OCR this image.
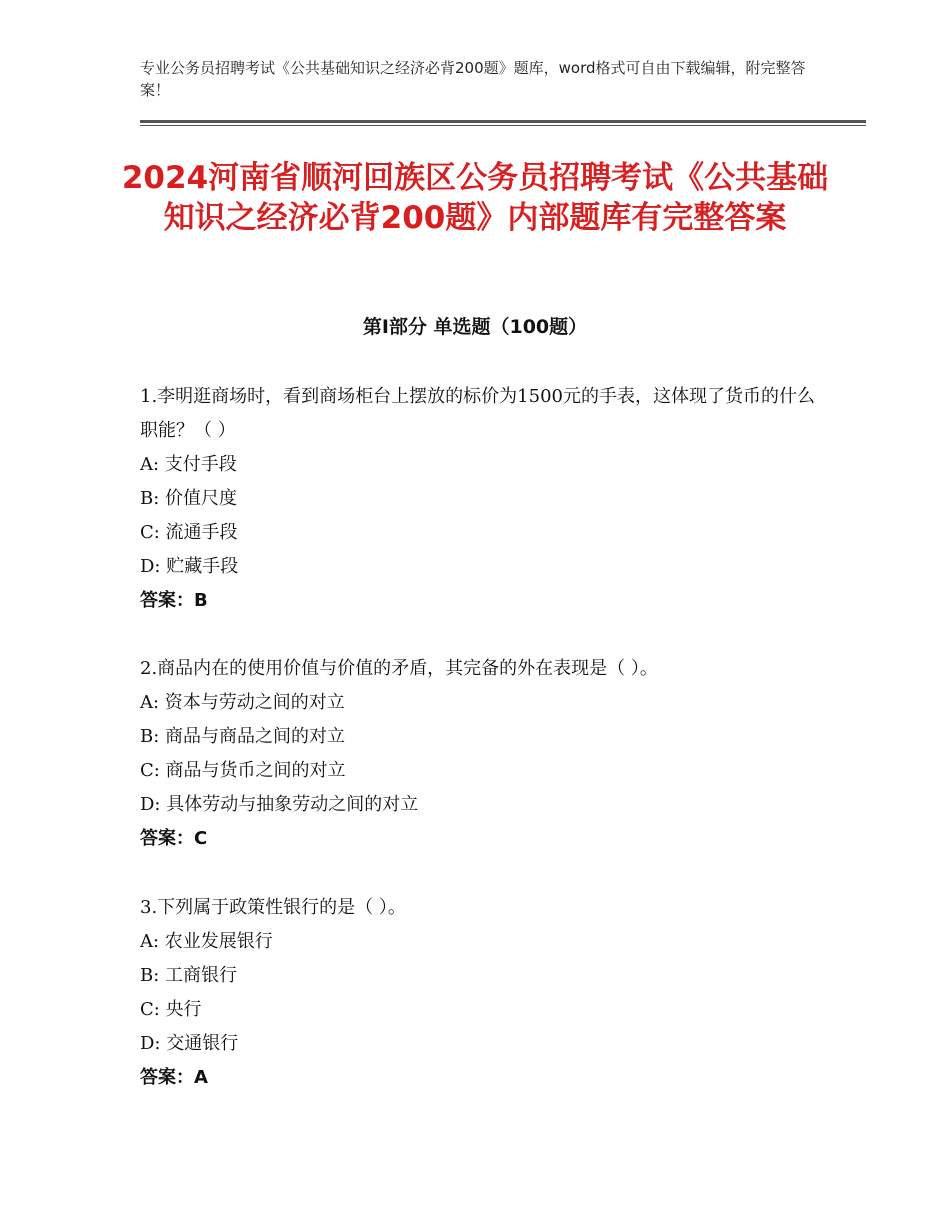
专业公务员招聘考试《公共基础知识之经济必背200题》题库，word格式可自由下载编辑，附完整答案！
2024河南省顺河回族区公务员招聘考试《公共基础知识之经济必背200题》内部题库有完整答案
第Ⅰ部分 单选题（100题）

1.李明逛商场时，看到商场柜台上摆放的标价为1500元的手表，这体现了货币的什么职能？（ ）

A: 支付手段

B: 价值尺度

C: 流通手段

D: 贮藏手段

答案：B

2.商品内在的使用价值与价值的矛盾，其完备的外在表现是（ ）。

A: 资本与劳动之间的对立

B: 商品与商品之间的对立

C: 商品与货币之间的对立

D: 具体劳动与抽象劳动之间的对立

答案：C

3.下列属于政策性银行的是（ ）。

A: 农业发展银行

B: 工商银行

C: 央行

D: 交通银行

答案：A
